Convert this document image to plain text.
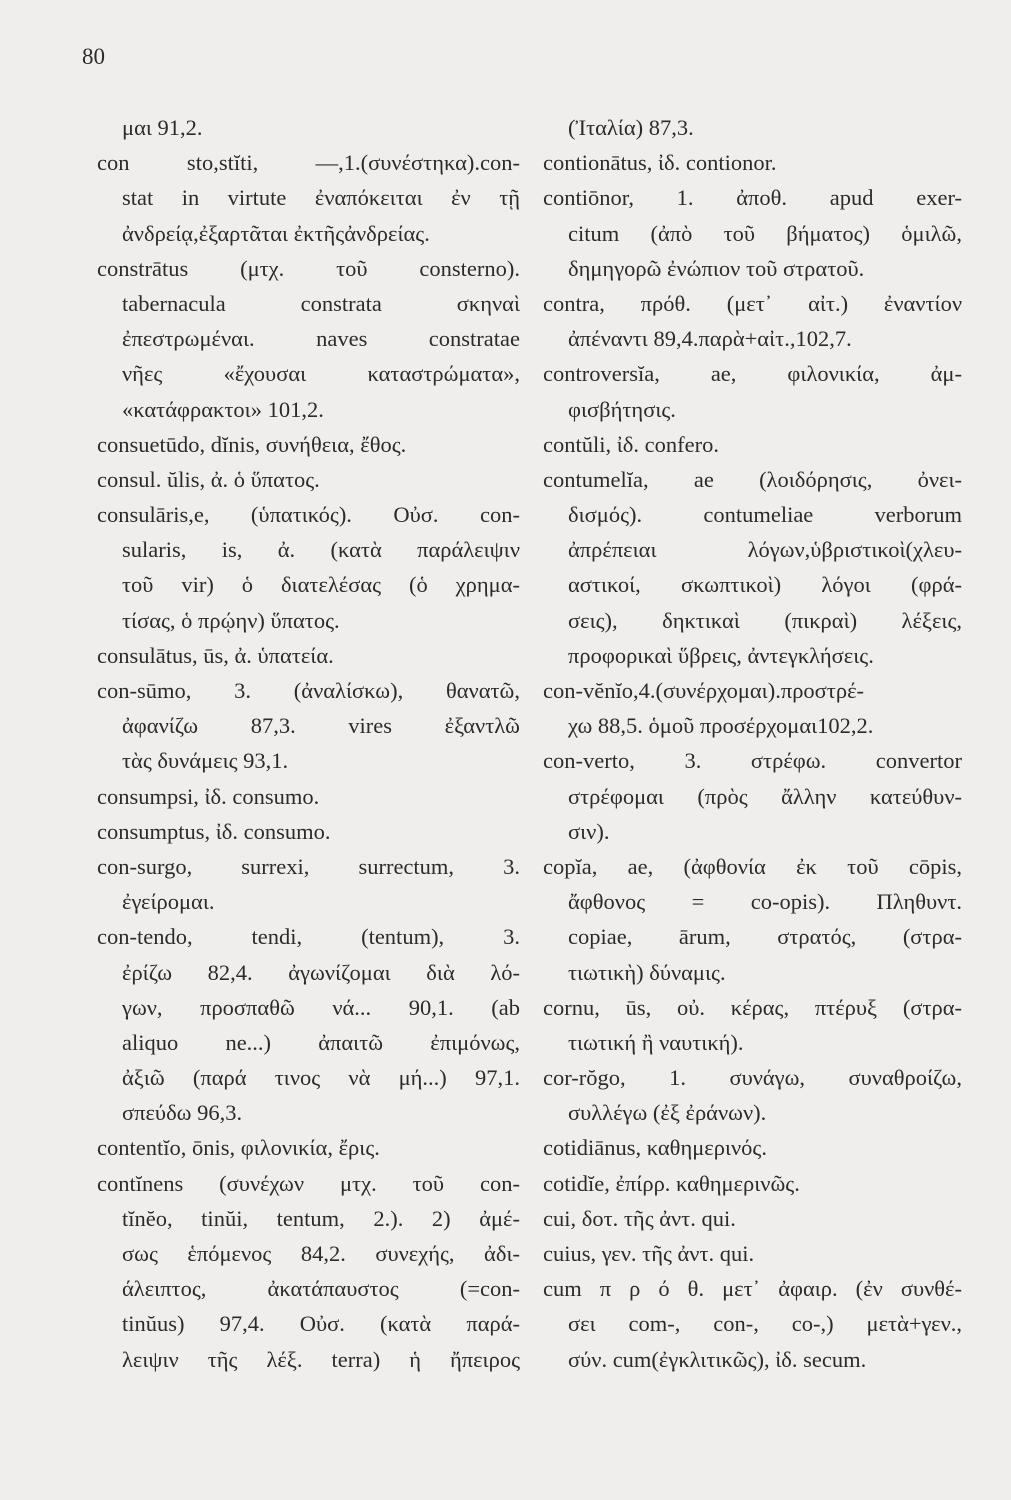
80
μαι 91,2.
con sto,stĭti, —,1.(συνέστηκα).con-
stat in virtute ἐναπόκειται ἐν τῇ
ἀνδρείᾳ,ἐξαρτᾶται ἐκτῆςἀνδρείας.
constrātus (μτχ. τοῦ consterno).
tabernacula constrata σκηναὶ
ἐπεστρωμέναι. naves constratae
νῆες «ἔχουσαι καταστρώματα»,
«κατάφρακτοι» 101,2.
consuetūdo, dĭnis, συνήθεια, ἔθος.
consul. ŭlis, ἀ. ὁ ὕπατος.
consulāris,e, (ὑπατικός). Οὐσ. con-
sularis, is, ἀ. (κατὰ παράλειψιν
τοῦ vir) ὁ διατελέσας (ὁ χρημα-
τίσας, ὁ πρῴην) ὕπατος.
consulātus, ūs, ἀ. ὑπατεία.
con-sūmo, 3. (ἀναλίσκω), θανατῶ,
ἀφανίζω 87,3. vires ἐξαντλῶ
τὰς δυνάμεις 93,1.
consumpsi, ἰδ. consumo.
consumptus, ἰδ. consumo.
con-surgo, surrexi, surrectum, 3.
ἐγείρομαι.
con-tendo, tendi, (tentum), 3.
ἐρίζω 82,4. ἀγωνίζομαι διὰ λό-
γων, προσπαθῶ νά... 90,1. (ab
aliquo ne...) ἀπαιτῶ ἐπιμόνως,
ἀξιῶ (παρά τινος νὰ μή...) 97,1.
σπεύδω 96,3.
contentĭo, ōnis, φιλονικία, ἔρις.
contĭnens (συνέχων μτχ. τοῦ con-
tĭnĕo, tinŭi, tentum, 2.). 2) ἀμέ-
σως ἑπόμενος 84,2. συνεχής, ἀδι-
άλειπτος, ἀκατάπαυστος (=con-
tinŭus) 97,4. Οὐσ. (κατὰ παρά-
λειψιν τῆς λέξ. terra) ἡ ἤπειρος
(Ἰταλία) 87,3.
contionātus, ἰδ. contionor.
contiōnor, 1. ἀποθ. apud exer-
citum (ἀπὸ τοῦ βήματος) ὁμιλῶ,
δημηγορῶ ἐνώπιον τοῦ στρατοῦ.
contra, πρόθ. (μετ᾽ αἰτ.) ἐναντίον
ἀπέναντι 89,4.παρὰ+αἰτ.,102,7.
controversĭa, ae, φιλονικία, ἀμ-
φισβήτησις.
contŭli, ἰδ. confero.
contumelĭa, ae (λοιδόρησις, ὀνει-
δισμός). contumeliae verborum
ἀπρέπειαι λόγων,ὑβριστικοὶ(χλευ-
αστικοί, σκωπτικοὶ) λόγοι (φρά-
σεις), δηκτικαὶ (πικραὶ) λέξεις,
προφορικαὶ ὕβρεις, ἀντεγκλήσεις.
con-vĕnĭo,4.(συνέρχομαι).προστρέ-
χω 88,5. ὁμοῦ προσέρχομαι102,2.
con-verto, 3. στρέφω. convertor
στρέφομαι (πρὸς ἄλλην κατεύθυν-
σιν).
copĭa, ae, (ἀφθονία ἐκ τοῦ cōpis,
ἄφθονος = co-opis). Πληθυντ.
copiae, ārum, στρατός, (στρα-
τιωτικὴ) δύναμις.
cornu, ūs, οὐ. κέρας, πτέρυξ (στρα-
τιωτική ἢ ναυτική).
cor-rŏgo, 1. συνάγω, συναθροίζω,
συλλέγω (ἐξ ἐράνων).
cotidiānus, καθημερινός.
cotidĭe, ἐπίρρ. καθημερινῶς.
cui, δοτ. τῆς ἀντ. qui.
cuius, γεν. τῆς ἀντ. qui.
cum π ρ ό θ. μετ᾽ ἀφαιρ. (ἐν συνθέ-
σει com-, con-, co-,) μετὰ+γεν.,
σύν. cum(ἐγκλιτικῶς), ἰδ. secum.
